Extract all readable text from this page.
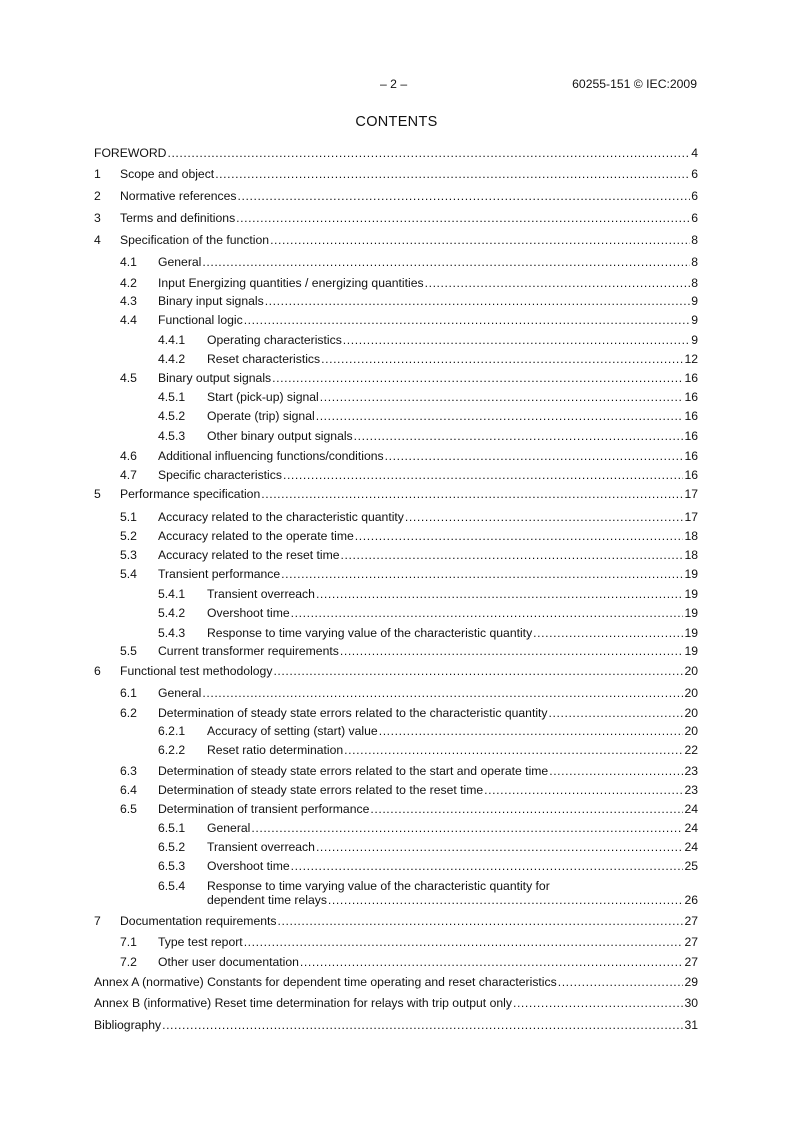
– 2 –	60255-151 © IEC:2009
CONTENTS
FOREWORD .....	4
1 Scope and object .....	6
2 Normative references .....	6
3 Terms and definitions .....	6
4 Specification of the function .....	8
4.1 General .....	8
4.2 Input Energizing quantities / energizing quantities .....	8
4.3 Binary input signals .....	9
4.4 Functional logic .....	9
4.4.1 Operating characteristics .....	9
4.4.2 Reset characteristics .....	12
4.5 Binary output signals .....	16
4.5.1 Start (pick-up) signal .....	16
4.5.2 Operate (trip) signal .....	16
4.5.3 Other binary output signals .....	16
4.6 Additional influencing functions/conditions .....	16
4.7 Specific characteristics .....	16
5 Performance specification .....	17
5.1 Accuracy related to the characteristic quantity .....	17
5.2 Accuracy related to the operate time .....	18
5.3 Accuracy related to the reset time .....	18
5.4 Transient performance .....	19
5.4.1 Transient overreach .....	19
5.4.2 Overshoot time .....	19
5.4.3 Response to time varying value of the characteristic quantity .....	19
5.5 Current transformer requirements .....	19
6 Functional test methodology .....	20
6.1 General .....	20
6.2 Determination of steady state errors related to the characteristic quantity .....	20
6.2.1 Accuracy of setting (start) value .....	20
6.2.2 Reset ratio determination .....	22
6.3 Determination of steady state errors related to the start and operate time .....	23
6.4 Determination of steady state errors related to the reset time .....	23
6.5 Determination of transient performance .....	24
6.5.1 General .....	24
6.5.2 Transient overreach .....	24
6.5.3 Overshoot time .....	25
6.5.4 Response to time varying value of the characteristic quantity for
dependent time relays .....	26
7 Documentation requirements .....	27
7.1 Type test report .....	27
7.2 Other user documentation .....	27
Annex A (normative) Constants for dependent time operating and reset characteristics .....	29
Annex B (informative) Reset time determination for relays with trip output only .....	30
Bibliography .....	31
